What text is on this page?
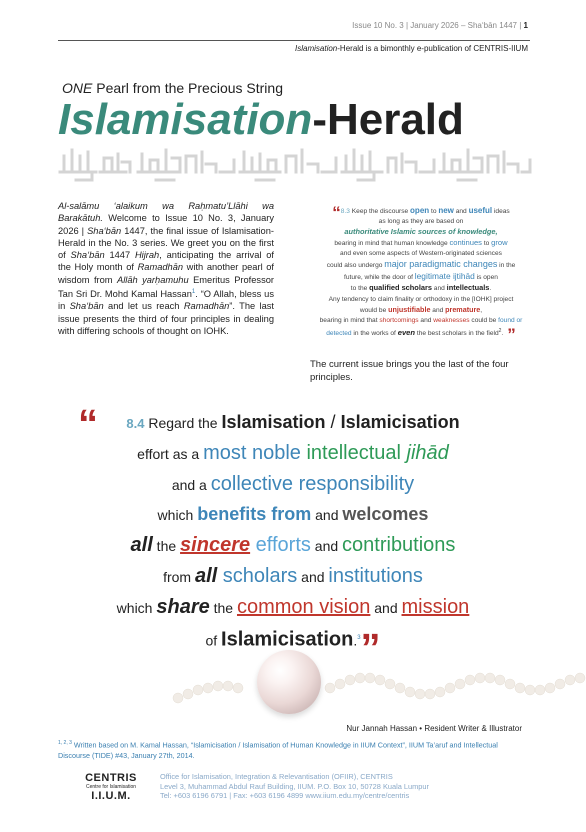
Issue 10 No. 3 | January 2026 – Sha‘bān 1447 | 1
Islamisation-Herald is a bimonthly e-publication of CENTRIS-IIUM
ONE Pearl from the Precious String
Islamisation-Herald
Al-salāmu ‘alaikum wa Raḥmatu’Llāhi wa Barakātuh. Welcome to Issue 10 No. 3, January 2026 | Sha‘bān 1447, the final issue of Islamisation-Herald in the No. 3 series. We greet you on the first of Sha‘bān 1447 Hijrah, anticipating the arrival of the Holy month of Ramadhān with another pearl of wisdom from Allāh yarḥamuhu Emeritus Professor Tan Sri Dr. Mohd Kamal Hassan$^1$. “O Allah, bless us in Sha‘bān and let us reach Ramadhān”. The last issue presents the third of four principles in dealing with differing schools of thought on IOHK.
“8.3 Keep the discourse open to new and useful ideas
as long as they are based on
authoritative Islamic sources of knowledge,
bearing in mind that human knowledge continues to grow
and even some aspects of Western-originated sciences
could also undergo major paradigmatic changes in the
future, while the door of legitimate ijtihād is open
to the qualified scholars and intellectuals.
Any tendency to claim finality or orthodoxy in the [IOHK] project
would be unjustifiable and premature,
bearing in mind that shortcomings and weaknesses could be found or
detected in the works of even the best scholars in the field$^2$. ”
The current issue brings you the last of the four principles.
“	8.4 Regard the Islamisation / Islamicisation
effort as a most noble intellectual jihād
and a collective responsibility
which benefits from and welcomes
all the sincere efforts and contributions
from all scholars and institutions
which share the common vision and mission
of Islamicisation.$^3$”
Nur Jannah Hassan • Resident Writer & Illustrator
$^{1, 2, 3}$ Written based on M. Kamal Hassan, “Islamicisation / Islamisation of Human Knowledge in IIUM Context”, IIUM Ta’aruf and Intellectual Discourse (TIDE) #43, January 27th, 2014.
CENTRIS
Centre for Islamisation
I.I.U.M.
Office for Islamisation, Integration & Relevantisation (OFIIR), CENTRIS
Level 3, Muhammad Abdul Rauf Building, IIUM. P.O. Box 10, 50728 Kuala Lumpur
Tel: +603 6196 6791 | Fax: +603 6196 4899 www.iium.edu.my/centre/centris
